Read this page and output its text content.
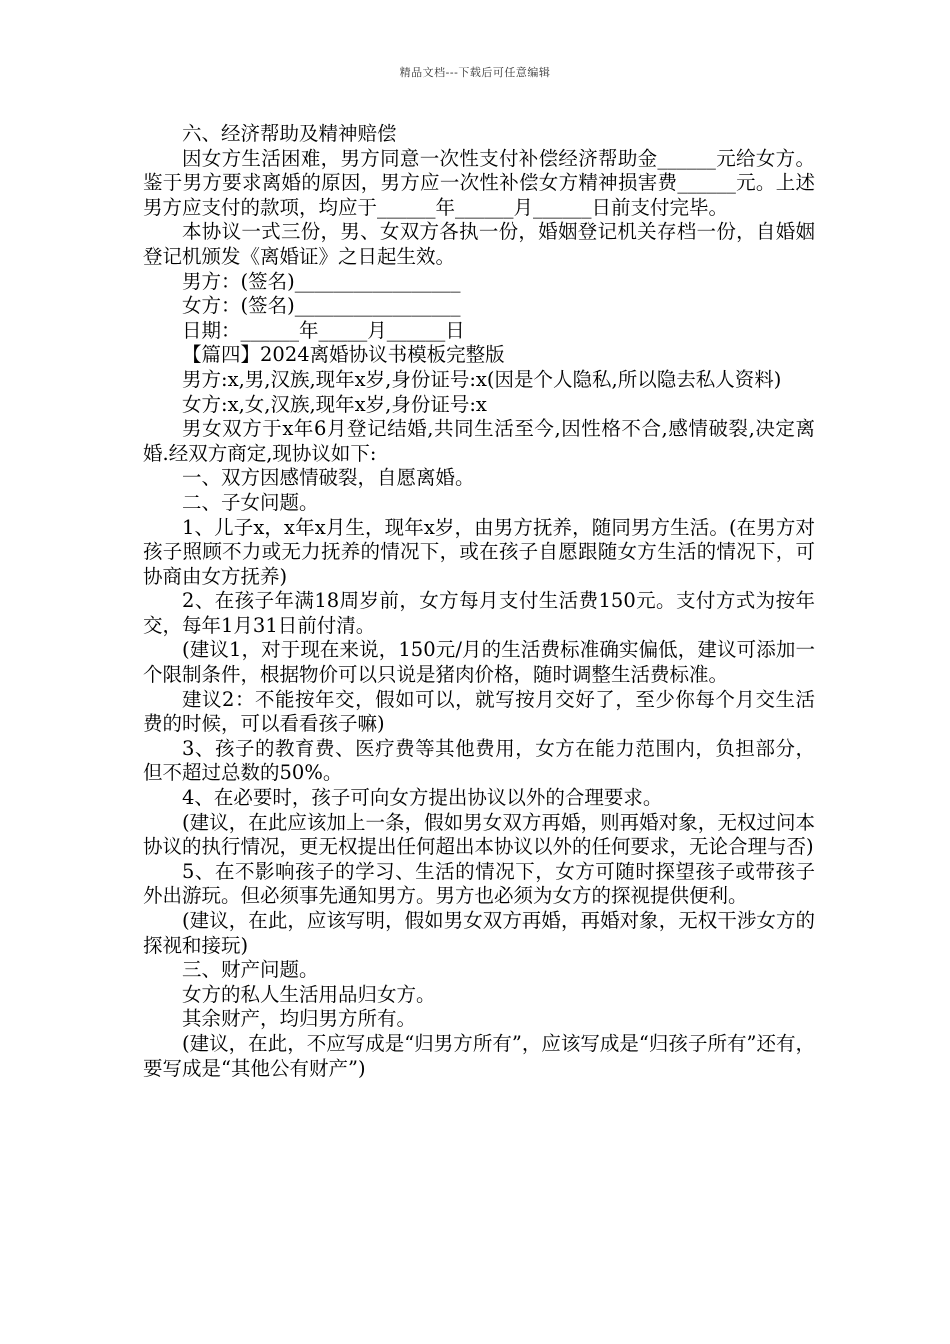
精品文档---下载后可任意编辑

六、经济帮助及精神赔偿

因女方生活困难，男方同意一次性支付补偿经济帮助金______元给女方。鉴于男方要求离婚的原因，男方应一次性补偿女方精神损害费______元。上述男方应支付的款项，均应于______年______月______日前支付完毕。

本协议一式三份，男、女双方各执一份，婚姻登记机关存档一份，自婚姻登记机颁发《离婚证》之日起生效。

男方：(签名)_________________

女方：(签名)_________________

日期：______年_____月______日

【篇四】2024离婚协议书模板完整版

男方:x,男,汉族,现年x岁,身份证号:x(因是个人隐私,所以隐去私人资料)

女方:x,女,汉族,现年x岁,身份证号:x

男女双方于x年6月登记结婚,共同生活至今,因性格不合,感情破裂,决定离婚.经双方商定,现协议如下:

一、双方因感情破裂，自愿离婚。

二、子女问题。

1、儿子x，x年x月生，现年x岁，由男方抚养，随同男方生活。(在男方对孩子照顾不力或无力抚养的情况下，或在孩子自愿跟随女方生活的情况下，可协商由女方抚养)

2、在孩子年满18周岁前，女方每月支付生活费150元。支付方式为按年交，每年1月31日前付清。

(建议1，对于现在来说，150元/月的生活费标准确实偏低，建议可添加一个限制条件，根据物价可以只说是猪肉价格，随时调整生活费标准。

建议2：不能按年交，假如可以，就写按月交好了，至少你每个月交生活费的时候，可以看看孩子嘛)

3、孩子的教育费、医疗费等其他费用，女方在能力范围内，负担部分，但不超过总数的50%。

4、在必要时，孩子可向女方提出协议以外的合理要求。

(建议，在此应该加上一条，假如男女双方再婚，则再婚对象，无权过问本协议的执行情况，更无权提出任何超出本协议以外的任何要求，无论合理与否)

5、在不影响孩子的学习、生活的情况下，女方可随时探望孩子或带孩子外出游玩。但必须事先通知男方。男方也必须为女方的探视提供便利。

(建议，在此，应该写明，假如男女双方再婚，再婚对象，无权干涉女方的探视和接玩)

三、财产问题。

女方的私人生活用品归女方。

其余财产，均归男方所有。

(建议，在此，不应写成是“归男方所有”，应该写成是“归孩子所有”还有，要写成是“其他公有财产”)
